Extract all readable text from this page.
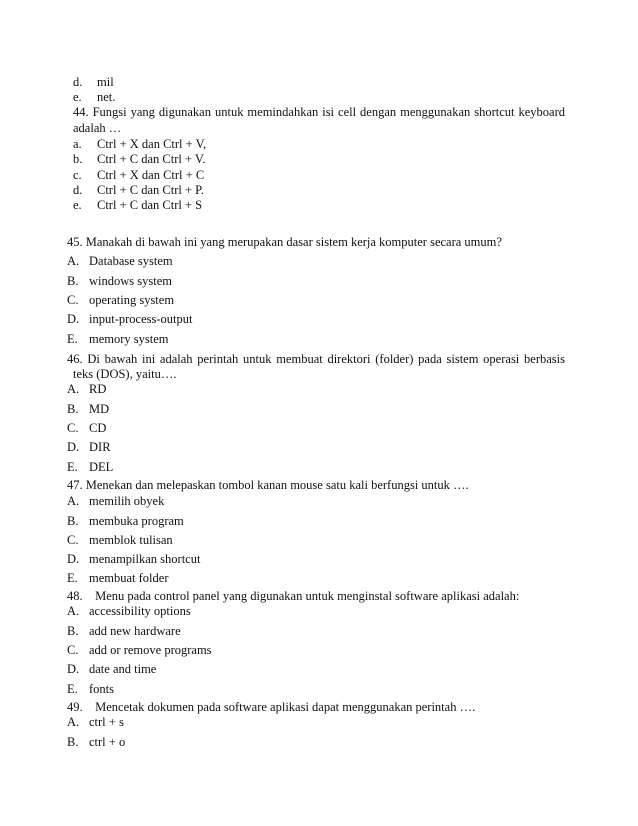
d. mil
e. net.
44. Fungsi yang digunakan untuk memindahkan isi cell dengan menggunakan shortcut keyboard
adalah …
a. Ctrl + X dan Ctrl + V,
b. Ctrl + C dan Ctrl + V.
c. Ctrl + X dan Ctrl + C
d. Ctrl + C dan Ctrl + P.
e. Ctrl + C dan Ctrl + S
45. Manakah di bawah ini yang merupakan dasar sistem kerja komputer secara umum?
A. Database system
B. windows system
C. operating system
D. input-process-output
E. memory system
46. Di bawah ini adalah perintah untuk membuat direktori (folder) pada sistem operasi berbasis
teks (DOS), yaitu….
A. RD
B. MD
C. CD
D. DIR
E. DEL
47. Menekan dan melepaskan tombol kanan mouse satu kali berfungsi untuk ….
A. memilih obyek
B. membuka program
C. memblok tulisan
D. menampilkan shortcut
E. membuat folder
48.    Menu pada control panel yang digunakan untuk menginstal software aplikasi adalah:
A. accessibility options
B. add new hardware
C. add or remove programs
D. date and time
E. fonts
49.    Mencetak dokumen pada software aplikasi dapat menggunakan perintah ….
A. ctrl + s
B. ctrl + o
